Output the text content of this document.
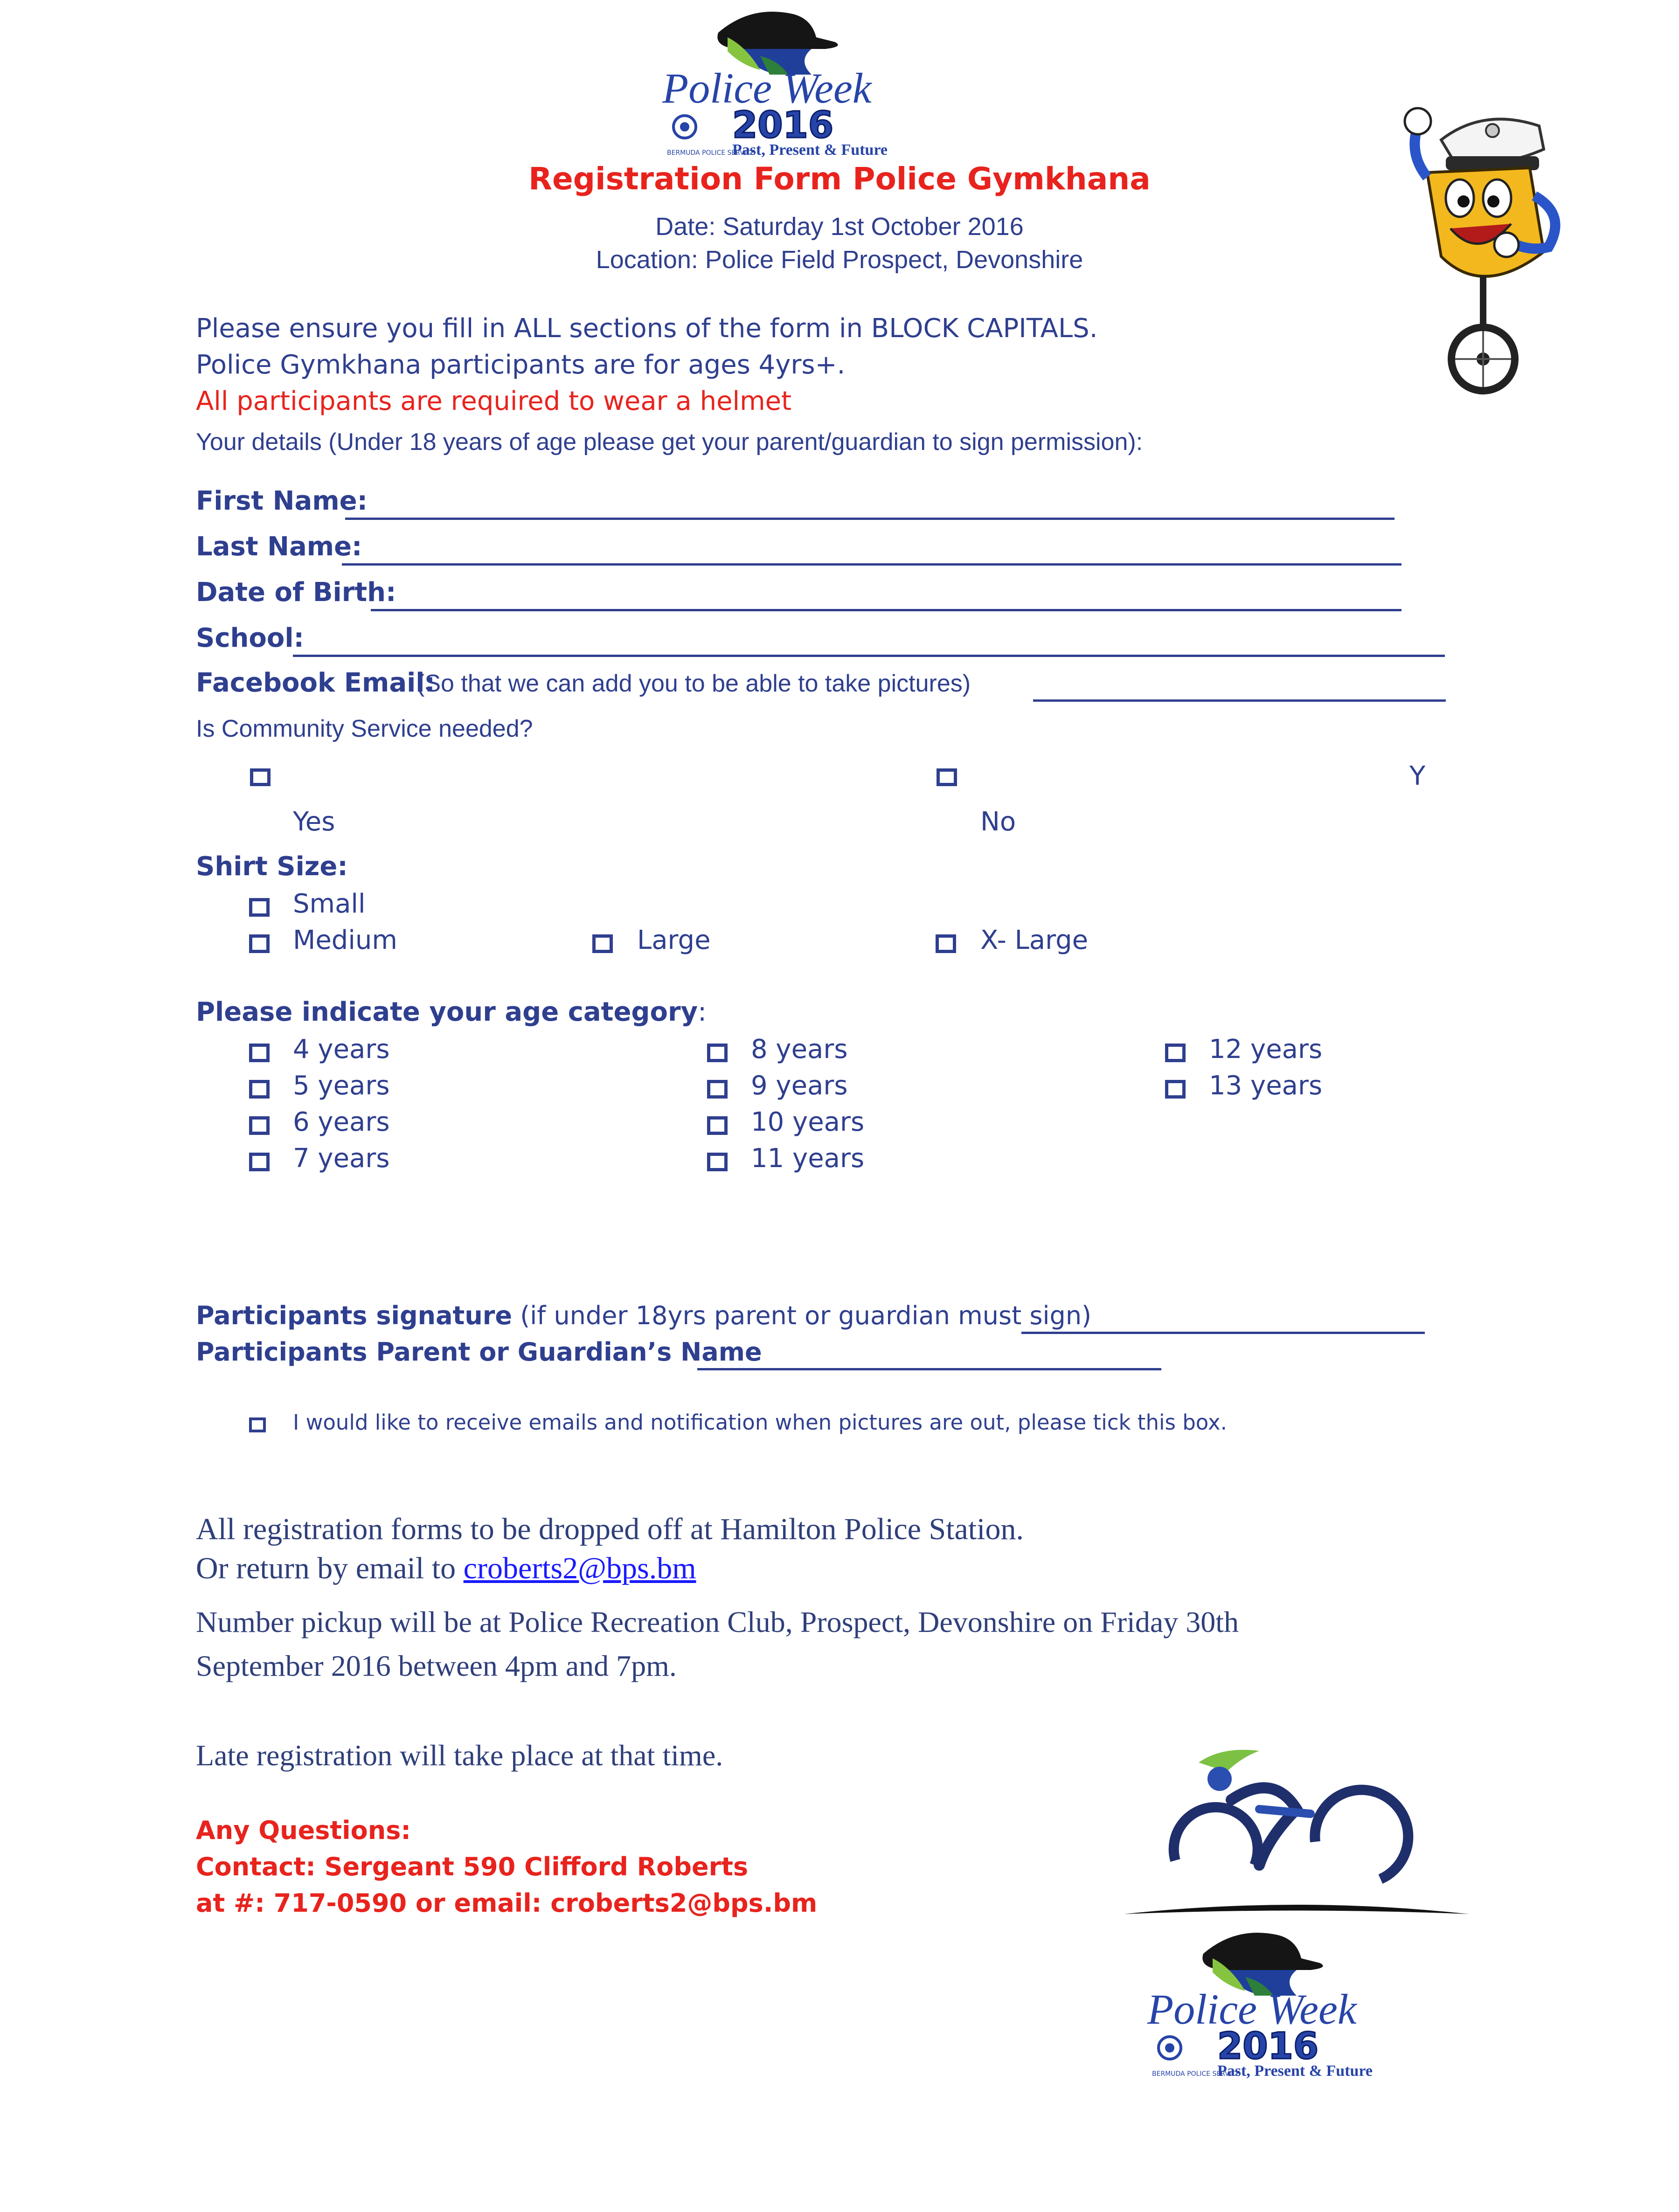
Police Week
2016
BERMUDA POLICE SERVICE
Past, Present & Future
Registration Form Police Gymkhana
Date: Saturday 1st October 2016
Location: Police Field Prospect, Devonshire
Please ensure you fill in ALL sections of the form in BLOCK CAPITALS.
Police Gymkhana participants are for ages 4yrs+.
All participants are required to wear a helmet
Your details (Under 18 years of age please get your parent/guardian to sign permission):
First Name:
Last Name:
Date of Birth:
School:
Facebook Email:
(So that we can add you to be able to take pictures)
Is Community Service needed?
Y
Yes	No
Shirt Size:
Small
Medium	Large	X- Large
Please indicate your age category:
4 years
5 years
6 years
7 years
8 years
9 years
10 years
11 years
12 years
13 years
Participants signature (if under 18yrs parent or guardian must sign)
Participants Parent or Guardian’s Name
I would like to receive emails and notification when pictures are out, please tick this box.
All registration forms to be dropped off at Hamilton Police Station.
Or return by email to croberts2@bps.bm
Number pickup will be at Police Recreation Club, Prospect, Devonshire on Friday 30th
September 2016 between 4pm and 7pm.
Late registration will take place at that time.
Any Questions:
Contact: Sergeant 590 Clifford Roberts
at #: 717-0590 or email: croberts2@bps.bm
Police Week
2016
BERMUDA POLICE SERVICE
Past, Present & Future
